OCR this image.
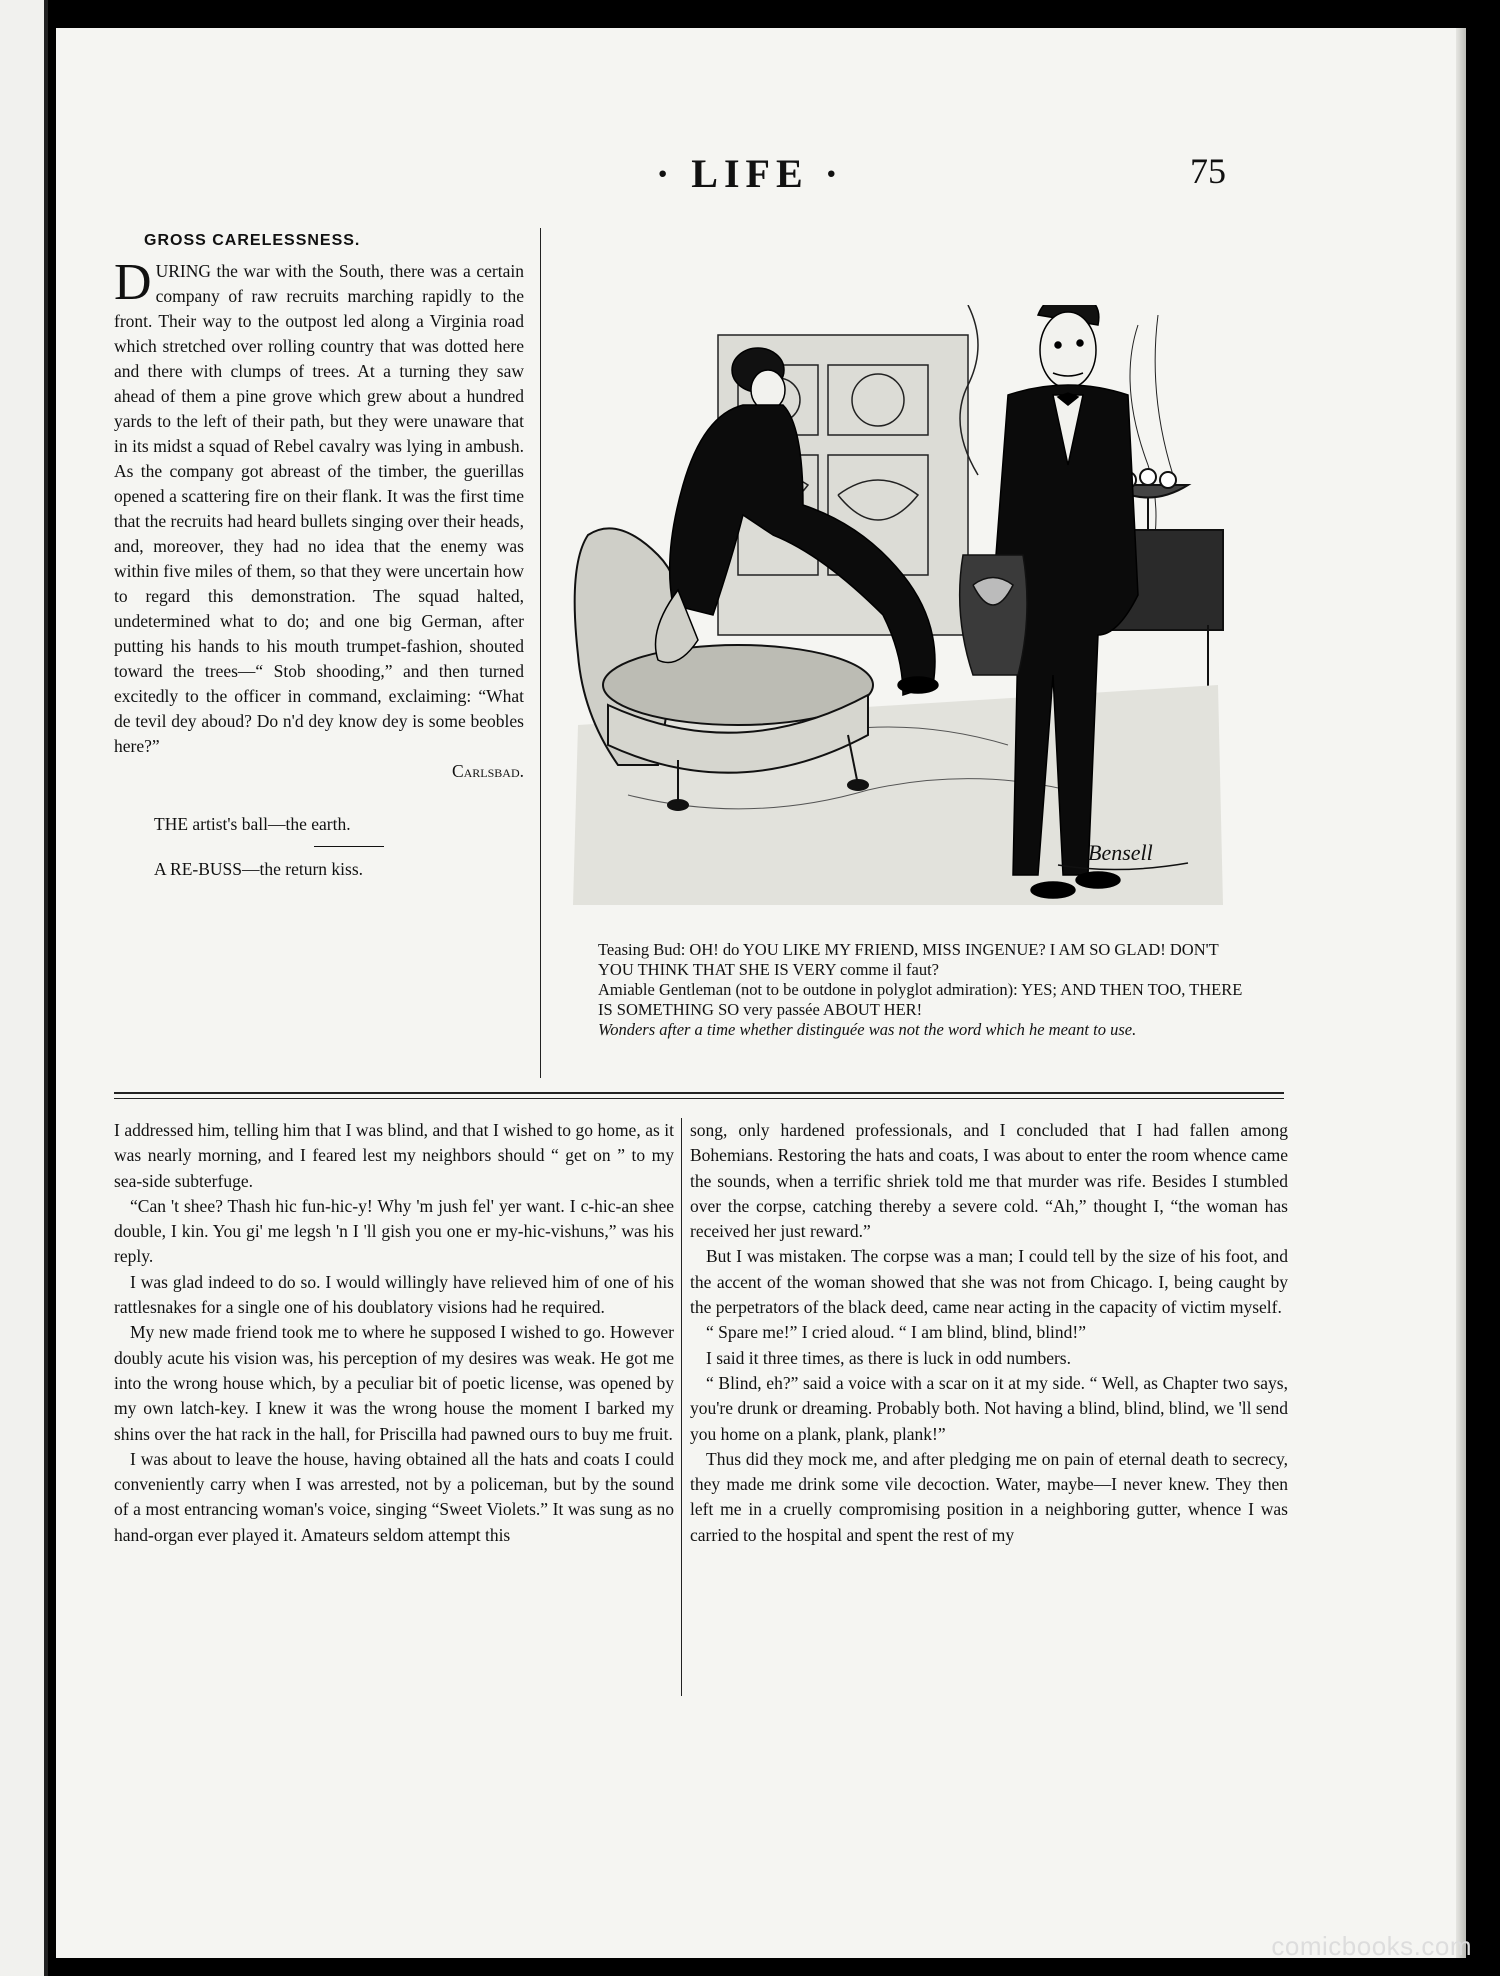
· LIFE ·	75
GROSS CARELESSNESS.

DURING the war with the South, there was a certain company of raw recruits marching rapidly to the front. Their way to the outpost led along a Virginia road which stretched over rolling country that was dotted here and there with clumps of trees. At a turning they saw ahead of them a pine grove which grew about a hundred yards to the left of their path, but they were unaware that in its midst a squad of Rebel cavalry was lying in ambush. As the company got abreast of the timber, the guerillas opened a scattering fire on their flank. It was the first time that the recruits had heard bullets singing over their heads, and, moreover, they had no idea that the enemy was within five miles of them, so that they were uncertain how to regard this demonstration. The squad halted, undetermined what to do; and one big German, after putting his hands to his mouth trumpet-fashion, shouted toward the trees—“ Stob shooding,” and then turned excitedly to the officer in command, exclaiming: “What de tevil dey aboud? Do n'd dey know dey is some beobles here?”

Carlsbad.

THE artist's ball—the earth.

A RE-BUSS—the return kiss.

Bensell

Teasing Bud: OH! do YOU LIKE MY FRIEND, MISS INGENUE? I AM SO GLAD! DON'T YOU THINK THAT SHE IS VERY comme il faut?

Amiable Gentleman (not to be outdone in polyglot admiration): YES; AND THEN TOO, THERE IS SOMETHING SO very passée ABOUT HER!

Wonders after a time whether distinguée was not the word which he meant to use.

I addressed him, telling him that I was blind, and that I wished to go home, as it was nearly morning, and I feared lest my neighbors should “ get on ” to my sea-side subterfuge.

“Can 't shee? Thash hic fun-hic-y! Why 'm jush fel' yer want. I c-hic-an shee double, I kin. You gi' me legsh 'n I 'll gish you one er my-hic-vishuns,” was his reply.

I was glad indeed to do so. I would willingly have relieved him of one of his rattlesnakes for a single one of his doublatory visions had he required.

My new made friend took me to where he supposed I wished to go. However doubly acute his vision was, his perception of my desires was weak. He got me into the wrong house which, by a peculiar bit of poetic license, was opened by my own latch-key. I knew it was the wrong house the moment I barked my shins over the hat rack in the hall, for Priscilla had pawned ours to buy me fruit.

I was about to leave the house, having obtained all the hats and coats I could conveniently carry when I was arrested, not by a policeman, but by the sound of a most entrancing woman's voice, singing “Sweet Violets.” It was sung as no hand-organ ever played it. Amateurs seldom attempt this

song, only hardened professionals, and I concluded that I had fallen among Bohemians. Restoring the hats and coats, I was about to enter the room whence came the sounds, when a terrific shriek told me that murder was rife. Besides I stumbled over the corpse, catching thereby a severe cold. “Ah,” thought I, “the woman has received her just reward.”

But I was mistaken. The corpse was a man; I could tell by the size of his foot, and the accent of the woman showed that she was not from Chicago. I, being caught by the perpetrators of the black deed, came near acting in the capacity of victim myself.

“ Spare me!” I cried aloud. “ I am blind, blind, blind!”

I said it three times, as there is luck in odd numbers.

“ Blind, eh?” said a voice with a scar on it at my side. “ Well, as Chapter two says, you're drunk or dreaming. Probably both. Not having a blind, blind, blind, we 'll send you home on a plank, plank, plank!”

Thus did they mock me, and after pledging me on pain of eternal death to secrecy, they made me drink some vile decoction. Water, maybe—I never knew. They then left me in a cruelly compromising position in a neighboring gutter, whence I was carried to the hospital and spent the rest of my

comicbooks.com
